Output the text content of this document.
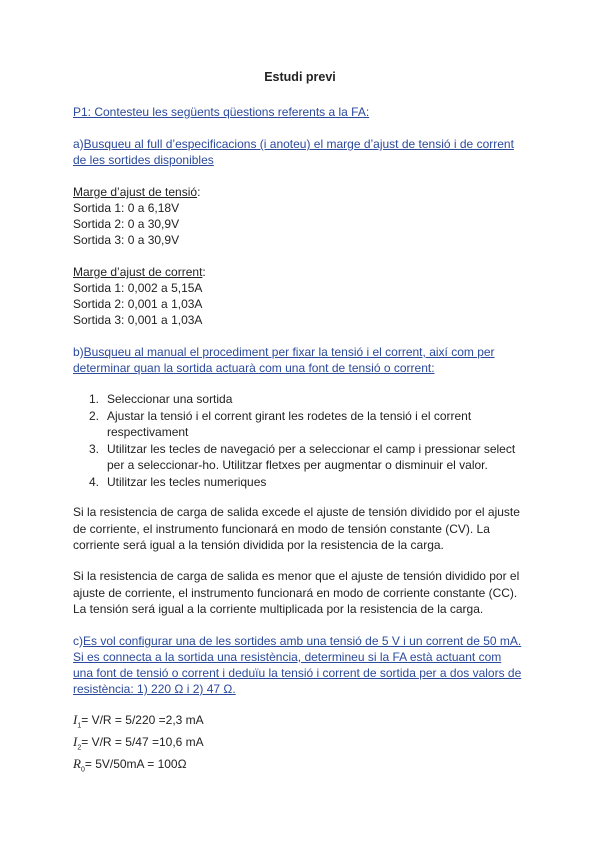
Estudi previ
P1: Contesteu les següents qüestions referents a la FA:
a)Busqueu al full d’especificacions (i anoteu) el marge d’ajust de tensió i de corrent
de les sortides disponibles
Marge d’ajust de tensió:
Sortida 1: 0 a 6,18V
Sortida 2: 0 a 30,9V
Sortida 3: 0 a 30,9V
Marge d’ajust de corrent:
Sortida 1: 0,002 a 5,15A
Sortida 2: 0,001 a 1,03A
Sortida 3: 0,001 a 1,03A
b)Busqueu al manual el procediment per fixar la tensió i el corrent, així com per
determinar quan la sortida actuarà com una font de tensió o corrent:
1. Seleccionar una sortida
2. Ajustar la tensió i el corrent girant les rodetes de la tensió i el corrent respectivament
3. Utilitzar les tecles de navegació per a seleccionar el camp i pressionar select per a seleccionar-ho. Utilitzar fletxes per augmentar o disminuir el valor.
4. Utilitzar les tecles numeriques
Si la resistencia de carga de salida excede el ajuste de tensión dividido por el ajuste de corriente, el instrumento funcionará en modo de tensión constante (CV). La corriente será igual a la tensión dividida por la resistencia de la carga.
Si la resistencia de carga de salida es menor que el ajuste de tensión dividido por el ajuste de corriente, el instrumento funcionará en modo de corriente constante (CC). La tensión será igual a la corriente multiplicada por la resistencia de la carga.
c)Es vol configurar una de les sortides amb una tensió de 5 V i un corrent de 50 mA.
Si es connecta a la sortida una resistència, determineu si la FA està actuant com
una font de tensió o corrent i deduïu la tensió i corrent de sortida per a dos valors de
resistència: 1) 220 Ω i 2) 47 Ω.
$I_1= V/R = 5/220 =2,3$ mA
$I_2= V/R = 5/47 =10,6$ mA
$R_0= 5V/50mA = 100\Omega$
